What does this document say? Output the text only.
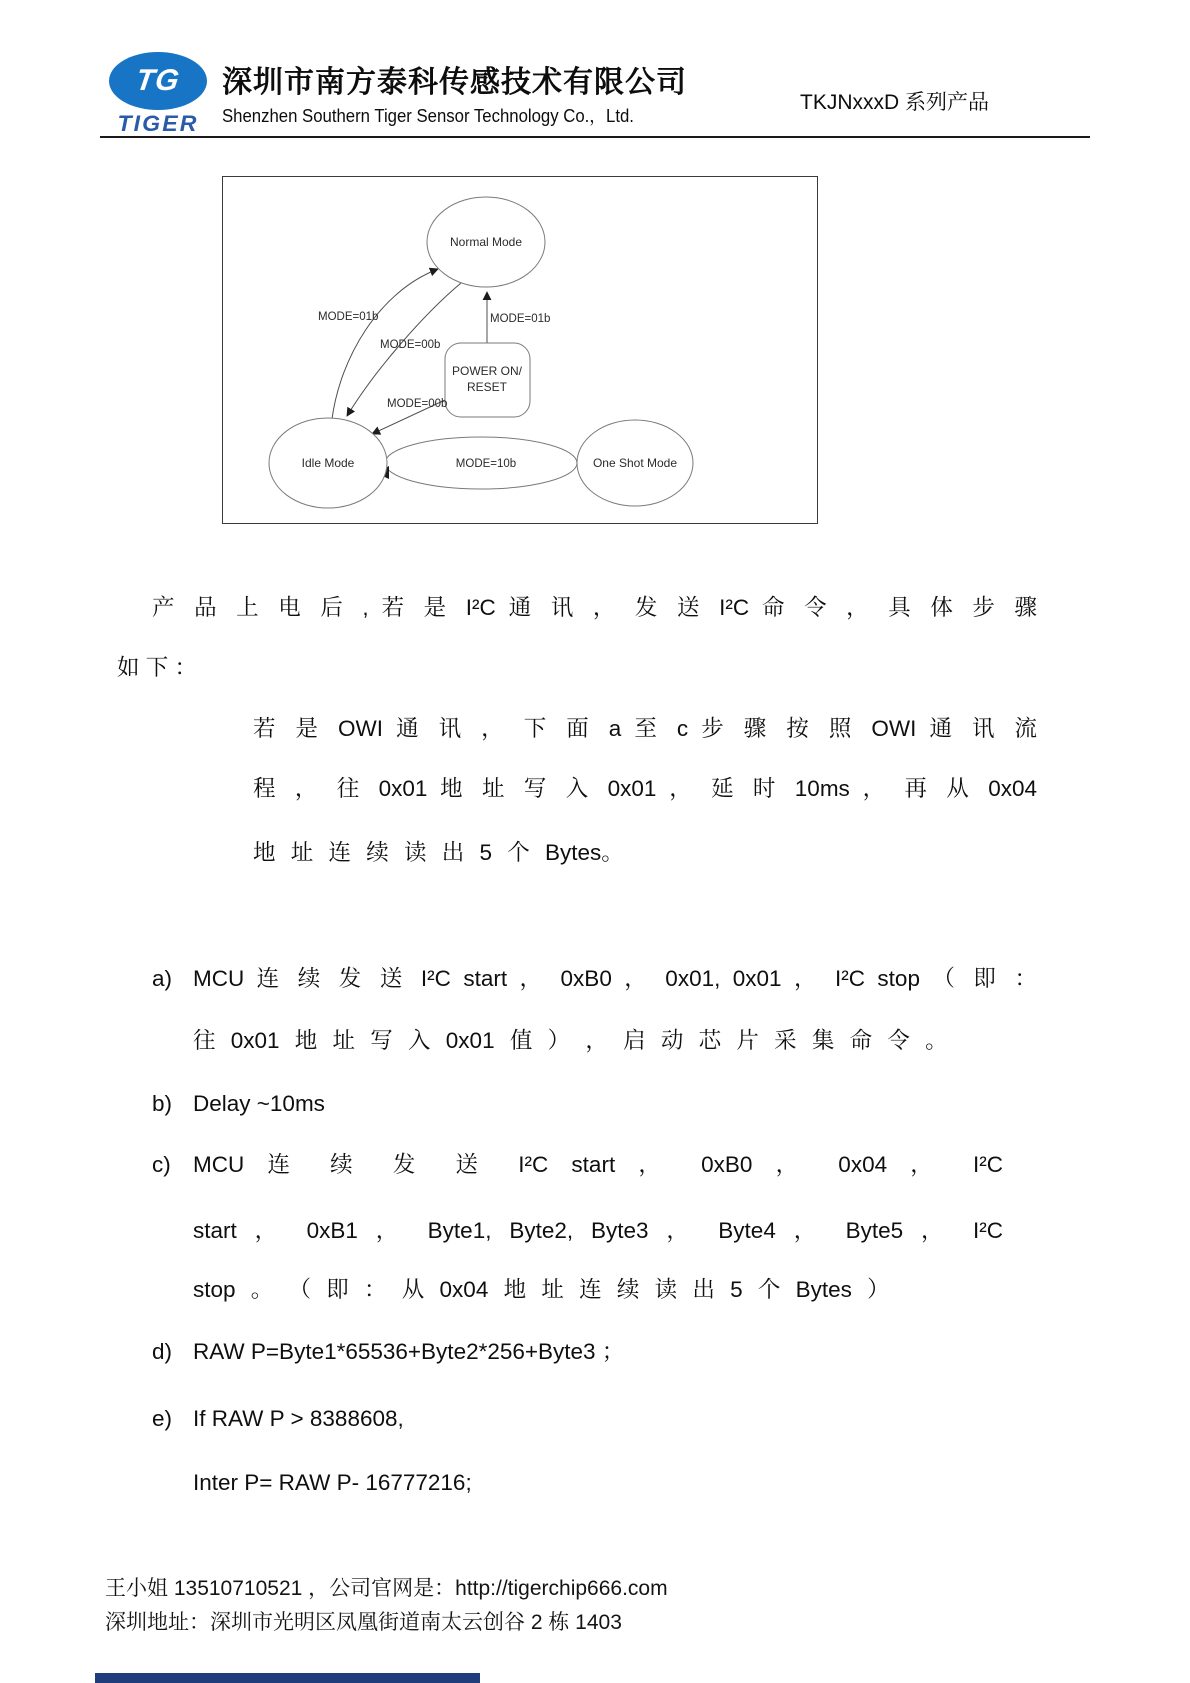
TG
TIGER
深圳市南方泰科传感技术有限公司
Shenzhen Southern Tiger Sensor Technology Co.，Ltd.
TKJNxxxD 系列产品
Normal Mode
POWER ON/
RESET
Idle Mode	One Shot Mode
MODE=01b
MODE=00b
MODE=01b
MODE=00b
MODE=10b
产 品 上 电 后 , 若 是 I²C 通 讯 ， 发 送 I²C 命 令 ， 具 体 步 骤
如 下 ：
若 是 OWI 通 讯 ， 下 面 a 至 c 步 骤 按 照 OWI 通 讯 流
程 ， 往 0x01 地 址 写 入 0x01 ， 延 时 10ms ， 再 从 0x04
地 址 连 续 读 出 5 个 Bytes。
a) MCU 连 续 发 送 I²C start ， 0xB0 ， 0x01, 0x01 ， I²C stop （ 即 ：
往 0x01 地 址 写 入 0x01 值 ） ， 启 动 芯 片 采 集 命 令 。
b) Delay ~10ms
c) MCU 连 续 发 送 I²C start ， 0xB0 ， 0x04 ， I²C
start ， 0xB1 ， Byte1, Byte2, Byte3 ， Byte4 ， Byte5 ， I²C
stop 。 （ 即 ： 从 0x04 地 址 连 续 读 出 5 个 Bytes ）
d) RAW P=Byte1*65536+Byte2*256+Byte3 ；
e) If RAW P > 8388608,
Inter P= RAW P- 16777216;
王小姐 13510710521 ，公司官网是：http://tigerchip666.com
深圳地址：深圳市光明区凤凰街道南太云创谷 2 栋 1403
